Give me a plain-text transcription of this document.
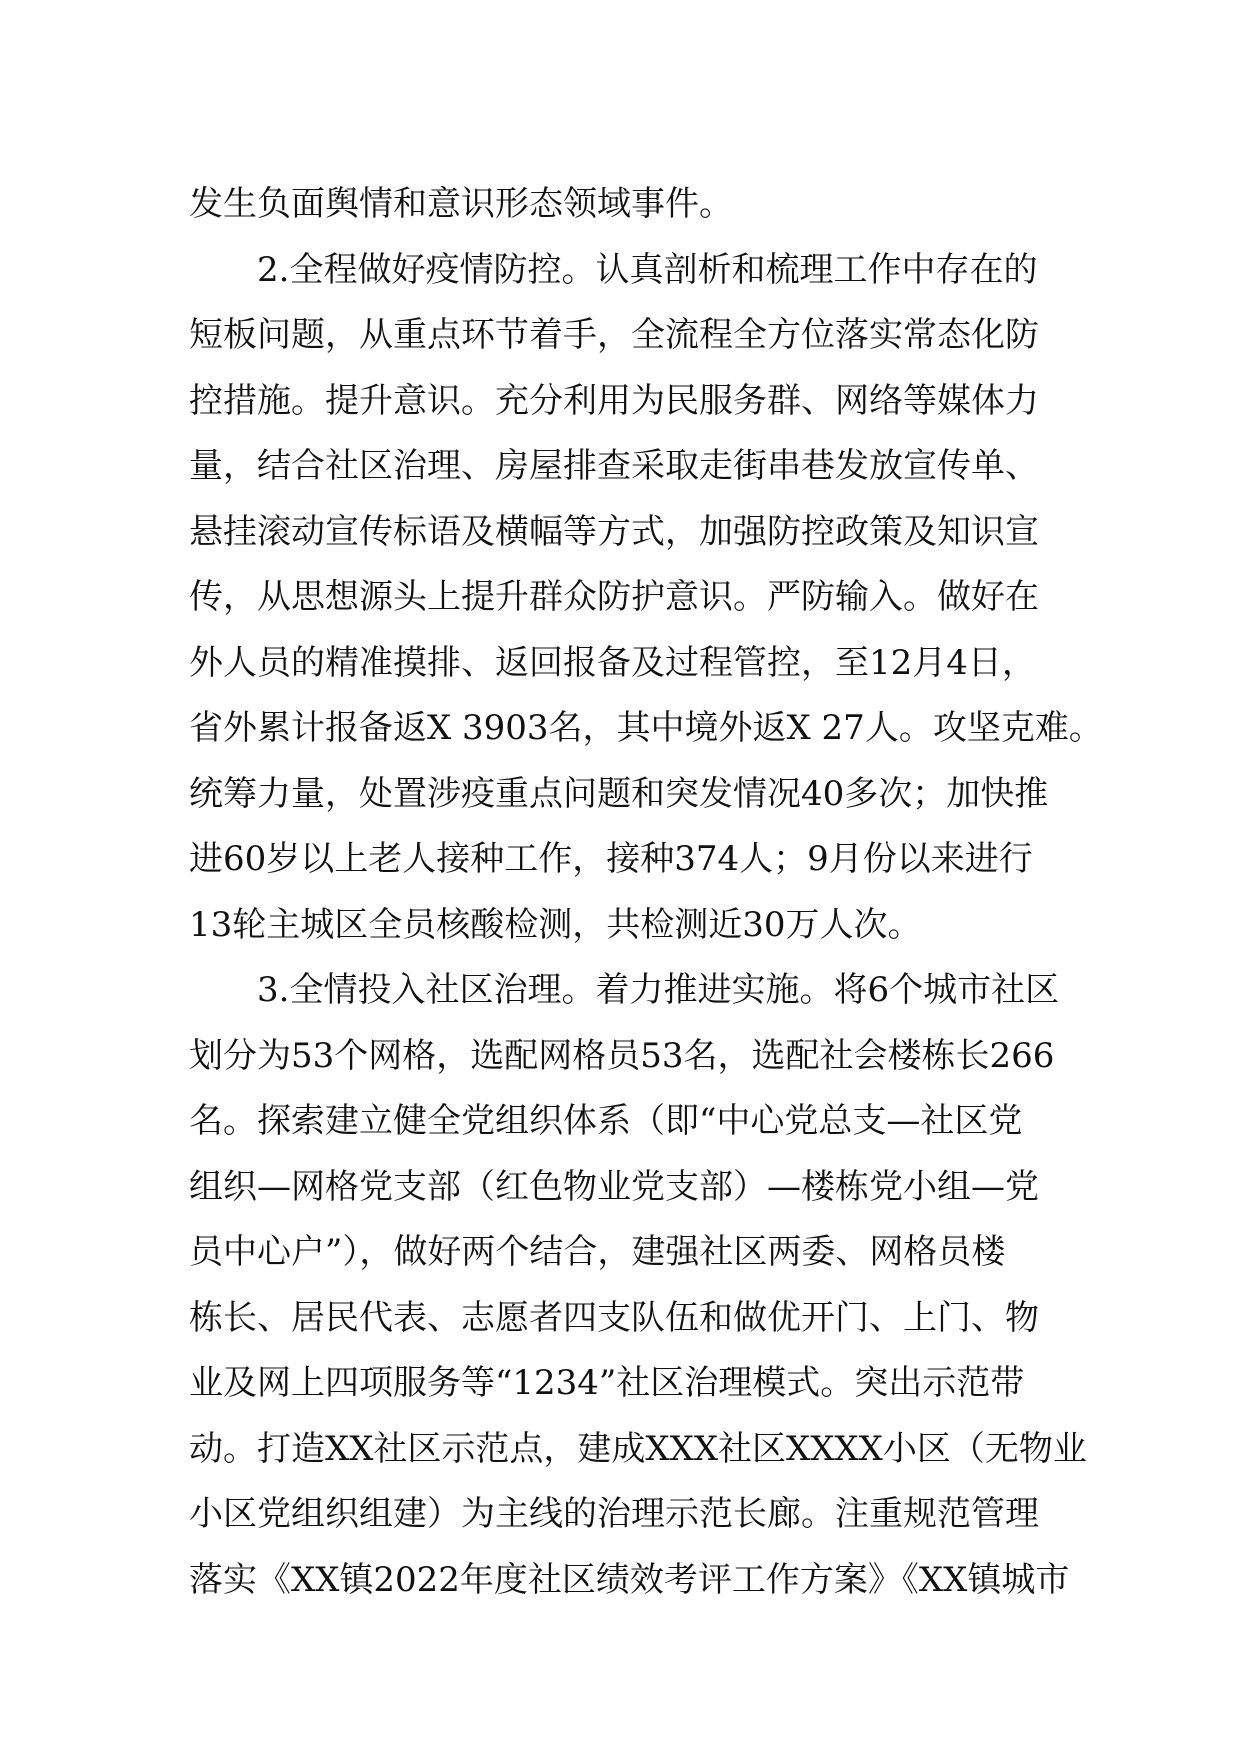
发生负面舆情和意识形态领域事件。
2.全程做好疫情防控。认真剖析和梳理工作中存在的
短板问题，从重点环节着手，全流程全方位落实常态化防
控措施。提升意识。充分利用为民服务群、网络等媒体力
量，结合社区治理、房屋排查采取走街串巷发放宣传单、
悬挂滚动宣传标语及横幅等方式，加强防控政策及知识宣
传，从思想源头上提升群众防护意识。严防输入。做好在
外人员的精准摸排、返回报备及过程管控，至12月4日，
省外累计报备返X 3903名，其中境外返X 27人。攻坚克难。
统筹力量，处置涉疫重点问题和突发情况40多次；加快推
进60岁以上老人接种工作，接种374人；9月份以来进行
13轮主城区全员核酸检测，共检测近30万人次。
3.全情投入社区治理。着力推进实施。将6个城市社区
划分为53个网格，选配网格员53名，选配社会楼栋长266
名。探索建立健全党组织体系（即“中心党总支—社区党
组织—网格党支部（红色物业党支部）—楼栋党小组—党
员中心户”），做好两个结合，建强社区两委、网格员楼
栋长、居民代表、志愿者四支队伍和做优开门、上门、物
业及网上四项服务等“1234”社区治理模式。突出示范带
动。打造XX社区示范点，建成XXX社区XXXX小区（无物业
小区党组织组建）为主线的治理示范长廊。注重规范管理
落实《XX镇2022年度社区绩效考评工作方案》《XX镇城市
